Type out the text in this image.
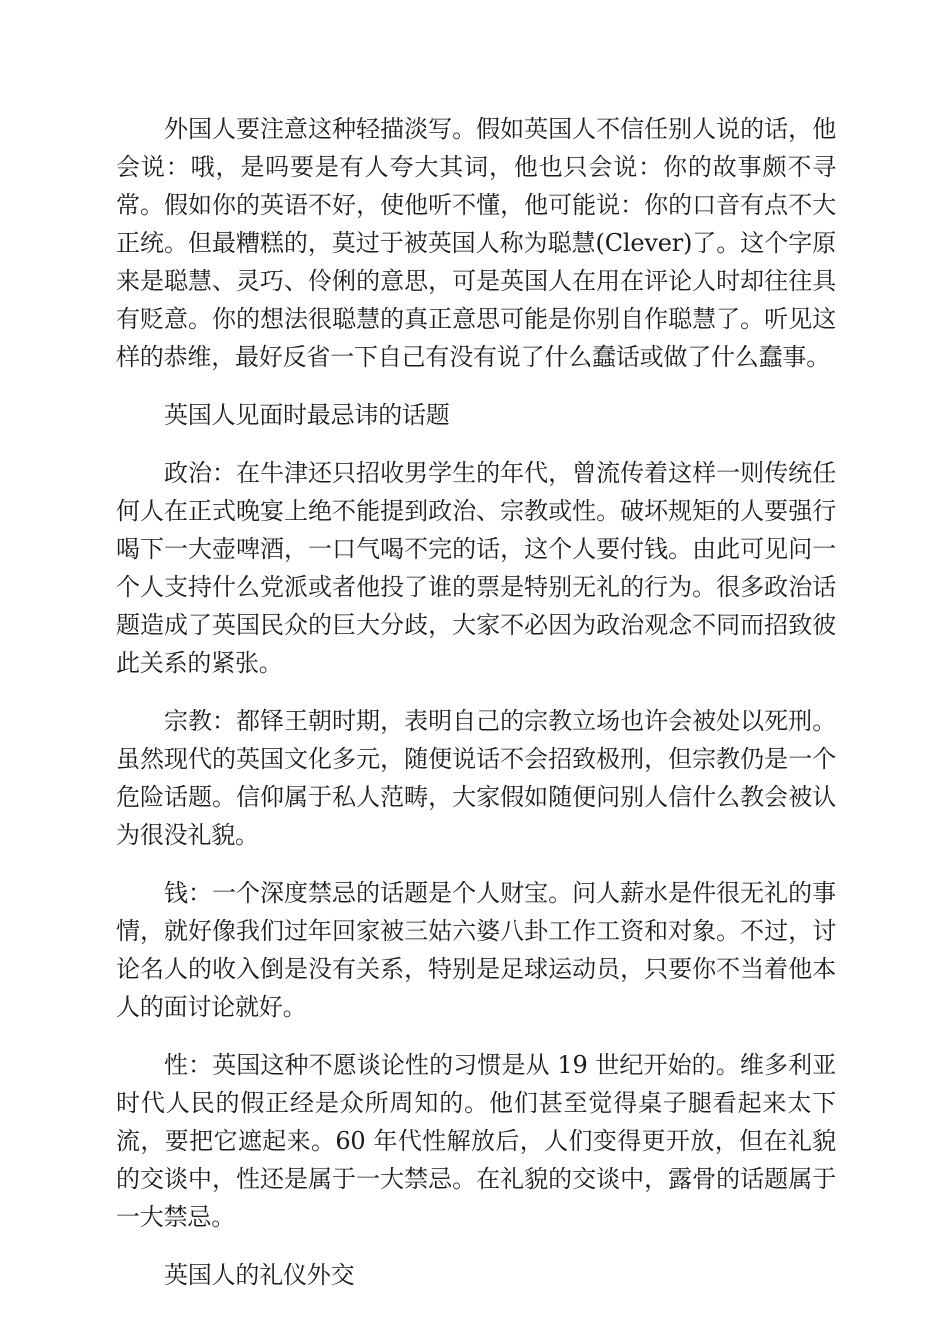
外国人要注意这种轻描淡写。假如英国人不信任别人说的话，他会说：哦，是吗要是有人夸大其词，他也只会说：你的故事颇不寻常。假如你的英语不好，使他听不懂，他可能说：你的口音有点不大正统。但最糟糕的，莫过于被英国人称为聪慧(Clever)了。这个字原来是聪慧、灵巧、伶俐的意思，可是英国人在用在评论人时却往往具有贬意。你的想法很聪慧的真正意思可能是你别自作聪慧了。听见这样的恭维，最好反省一下自己有没有说了什么蠢话或做了什么蠢事。

英国人见面时最忌讳的话题

政治：在牛津还只招收男学生的年代，曾流传着这样一则传统任何人在正式晚宴上绝不能提到政治、宗教或性。破坏规矩的人要强行喝下一大壶啤酒，一口气喝不完的话，这个人要付钱。由此可见问一个人支持什么党派或者他投了谁的票是特别无礼的行为。很多政治话题造成了英国民众的巨大分歧，大家不必因为政治观念不同而招致彼此关系的紧张。

宗教：都铎王朝时期，表明自己的宗教立场也许会被处以死刑。虽然现代的英国文化多元，随便说话不会招致极刑，但宗教仍是一个危险话题。信仰属于私人范畴，大家假如随便问别人信什么教会被认为很没礼貌。

钱：一个深度禁忌的话题是个人财宝。问人薪水是件很无礼的事情，就好像我们过年回家被三姑六婆八卦工作工资和对象。不过，讨论名人的收入倒是没有关系，特别是足球运动员，只要你不当着他本人的面讨论就好。

性：英国这种不愿谈论性的习惯是从 19 世纪开始的。维多利亚时代人民的假正经是众所周知的。他们甚至觉得桌子腿看起来太下流，要把它遮起来。60 年代性解放后，人们变得更开放，但在礼貌的交谈中，性还是属于一大禁忌。在礼貌的交谈中，露骨的话题属于一大禁忌。

英国人的礼仪外交
